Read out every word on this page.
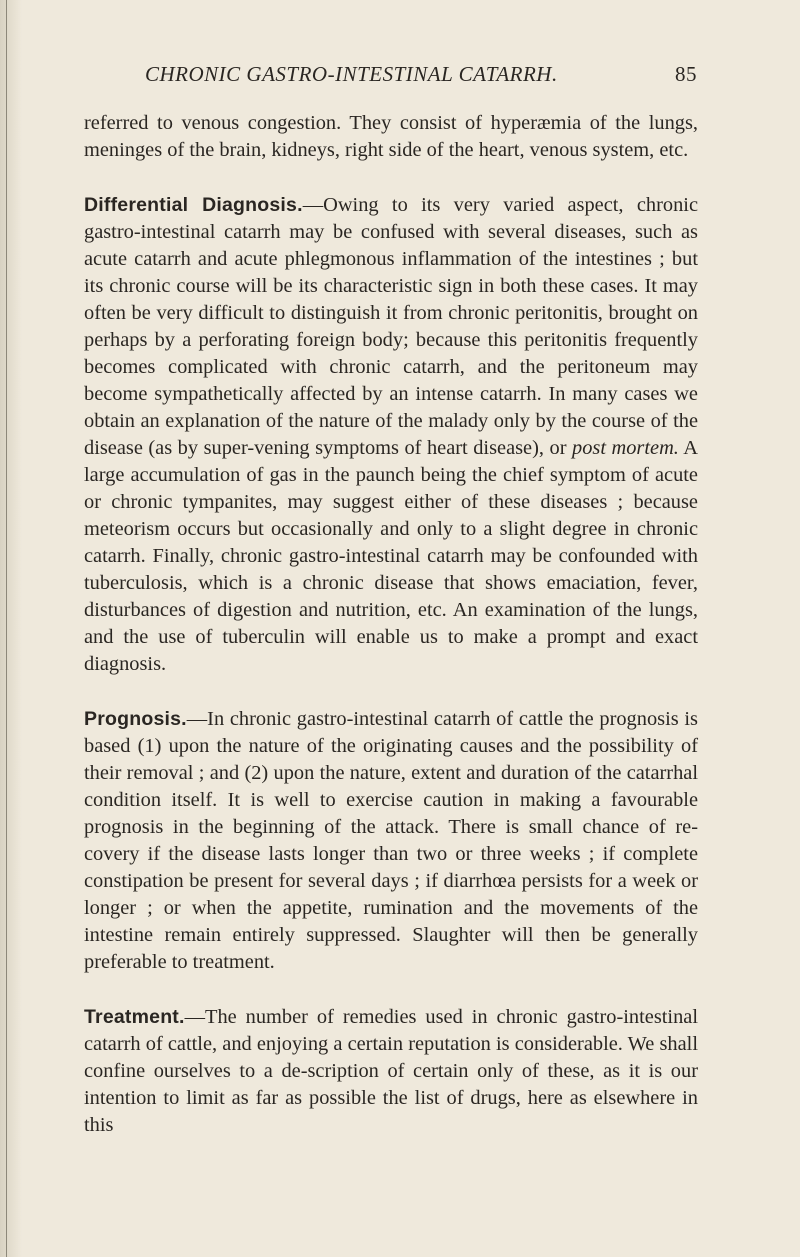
CHRONIC GASTRO-INTESTINAL CATARRH.	85

referred to venous congestion. They consist of hyperæmia of the lungs, meninges of the brain, kidneys, right side of the heart, venous system, etc.

Differential Diagnosis.—Owing to its very varied aspect, chronic gastro-intestinal catarrh may be confused with several diseases, such as acute catarrh and acute phlegmonous inflammation of the intestines ; but its chronic course will be its characteristic sign in both these cases. It may often be very difficult to distinguish it from chronic peritonitis, brought on perhaps by a perforating foreign body; because this peritonitis frequently becomes complicated with chronic catarrh, and the peritoneum may become sympathetically affected by an intense catarrh. In many cases we obtain an explanation of the nature of the malady only by the course of the disease (as by super-vening symptoms of heart disease), or post mortem. A large accumulation of gas in the paunch being the chief symptom of acute or chronic tympanites, may suggest either of these diseases ; because meteorism occurs but occasionally and only to a slight degree in chronic catarrh. Finally, chronic gastro-intestinal catarrh may be confounded with tuberculosis, which is a chronic disease that shows emaciation, fever, disturbances of digestion and nutrition, etc. An examination of the lungs, and the use of tuberculin will enable us to make a prompt and exact diagnosis.

Prognosis.—In chronic gastro-intestinal catarrh of cattle the prognosis is based (1) upon the nature of the originating causes and the possibility of their removal ; and (2) upon the nature, extent and duration of the catarrhal condition itself. It is well to exercise caution in making a favourable prognosis in the beginning of the attack. There is small chance of re-covery if the disease lasts longer than two or three weeks ; if complete constipation be present for several days ; if diarrhœa persists for a week or longer ; or when the appetite, rumination and the movements of the intestine remain entirely suppressed. Slaughter will then be generally preferable to treatment.

Treatment.—The number of remedies used in chronic gastro-intestinal catarrh of cattle, and enjoying a certain reputation is considerable. We shall confine ourselves to a de-scription of certain only of these, as it is our intention to limit as far as possible the list of drugs, here as elsewhere in this
